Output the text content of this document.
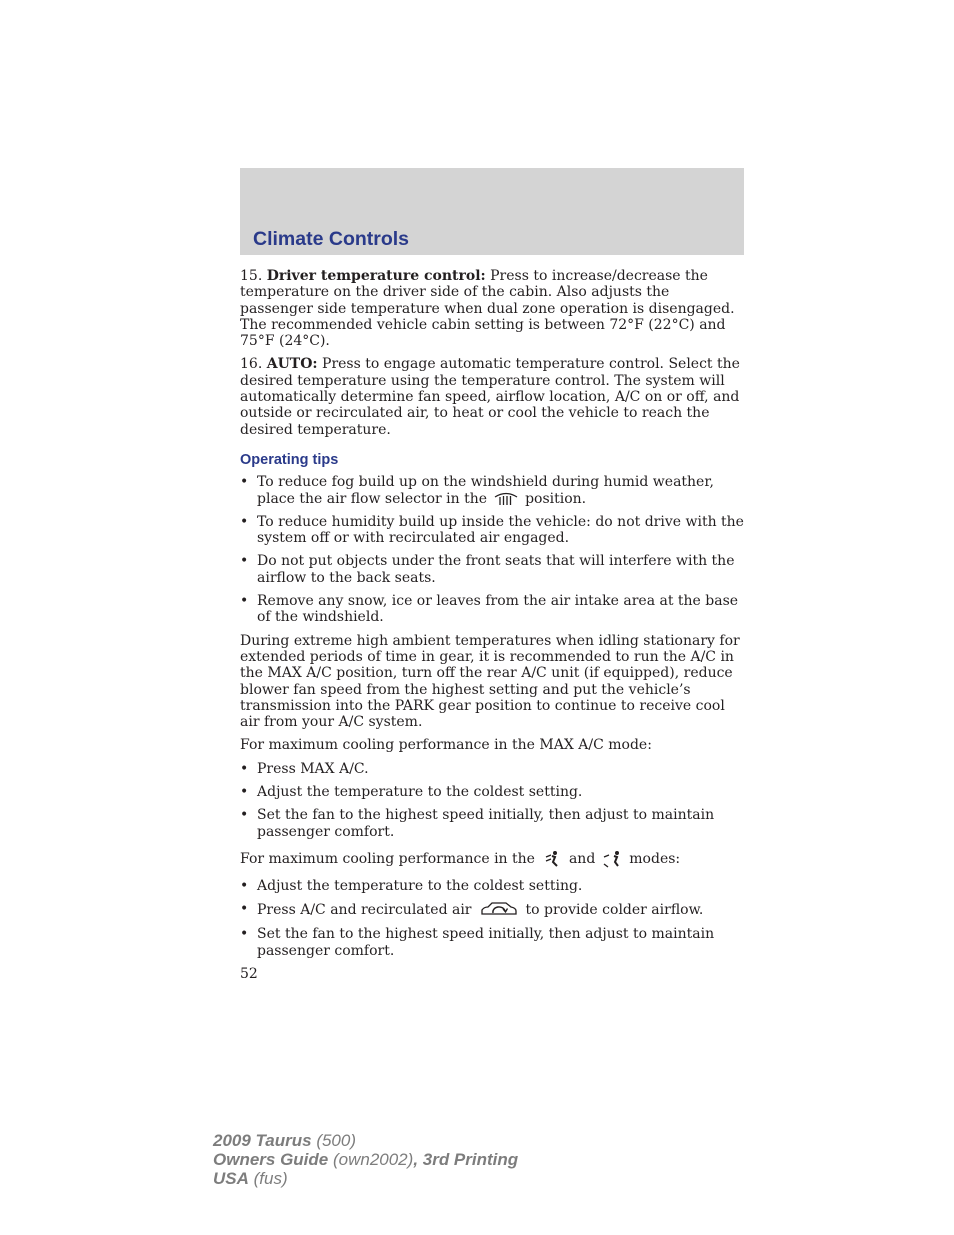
Climate Controls

15. Driver temperature control: Press to increase/decrease the temperature on the driver side of the cabin. Also adjusts the passenger side temperature when dual zone operation is disengaged. The recommended vehicle cabin setting is between 72°F (22°C) and 75°F (24°C).

16. AUTO: Press to engage automatic temperature control. Select the desired temperature using the temperature control. The system will automatically determine fan speed, airflow location, A/C on or off, and outside or recirculated air, to heat or cool the vehicle to reach the desired temperature.

Operating tips
• To reduce fog build up on the windshield during humid weather, place the air flow selector in the	position.
• To reduce humidity build up inside the vehicle: do not drive with the system off or with recirculated air engaged.
• Do not put objects under the front seats that will interfere with the airflow to the back seats.
• Remove any snow, ice or leaves from the air intake area at the base of the windshield.

During extreme high ambient temperatures when idling stationary for extended periods of time in gear, it is recommended to run the A/C in the MAX A/C position, turn off the rear A/C unit (if equipped), reduce blower fan speed from the highest setting and put the vehicle’s transmission into the PARK gear position to continue to receive cool air from your A/C system.

For maximum cooling performance in the MAX A/C mode:

• Press MAX A/C.
• Adjust the temperature to the coldest setting.
• Set the fan to the highest speed initially, then adjust to maintain passenger comfort.

For maximum cooling performance in the and modes:

• Adjust the temperature to the coldest setting.
• Press A/C and recirculated air	to provide colder airflow.
• Set the fan to the highest speed initially, then adjust to maintain passenger comfort.
52
2009 Taurus (500)
Owners Guide (own2002), 3rd Printing
USA (fus)
